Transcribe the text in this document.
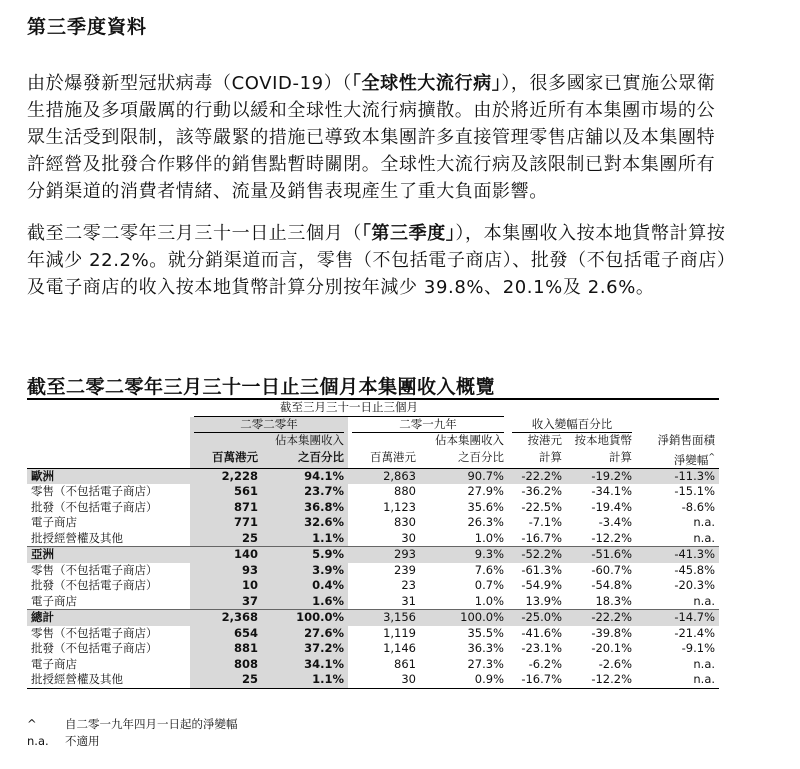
第三季度資料

由於爆發新型冠狀病毒（COVID-19）（「全球性大流行病」），很多國家已實施公眾衛生措施及多項嚴厲的行動以緩和全球性大流行病擴散。由於將近所有本集團市場的公眾生活受到限制，該等嚴緊的措施已導致本集團許多直接管理零售店舖以及本集團特許經營及批發合作夥伴的銷售點暫時關閉。全球性大流行病及該限制已對本集團所有分銷渠道的消費者情緒、流量及銷售表現產生了重大負面影響。

截至二零二零年三月三十一日止三個月（「第三季度」），本集團收入按本地貨幣計算按年減少 22.2%。就分銷渠道而言，零售（不包括電子商店）、批發（不包括電子商店）及電子商店的收入按本地貨幣計算分別按年減少 39.8%、20.1%及 2.6%。

截至二零二零年三月三十一日止三個月本集團收入概覽
	截至三月三十一日止三個月						
	二零二零年		二零一九年		收入變幅百分比		
		佔本集團收入		佔本集團收入	按港元	按本地貨幣	淨銷售面積
	百萬港元	之百分比	百萬港元	之百分比	計算	計算	淨變幅^
歐洲	2,228	94.1%	2,863	90.7%	-22.2%	-19.2%	-11.3%
零售（不包括電子商店）	561	23.7%	880	27.9%	-36.2%	-34.1%	-15.1%
批發（不包括電子商店）	871	36.8%	1,123	35.6%	-22.5%	-19.4%	-8.6%
電子商店	771	32.6%	830	26.3%	-7.1%	-3.4%	n.a.
批授經營權及其他	25	1.1%	30	1.0%	-16.7%	-12.2%	n.a.
亞洲	140	5.9%	293	9.3%	-52.2%	-51.6%	-41.3%
零售（不包括電子商店）	93	3.9%	239	7.6%	-61.3%	-60.7%	-45.8%
批發（不包括電子商店）	10	0.4%	23	0.7%	-54.9%	-54.8%	-20.3%
電子商店	37	1.6%	31	1.0%	13.9%	18.3%	n.a.
總計	2,368	100.0%	3,156	100.0%	-25.0%	-22.2%	-14.7%
零售（不包括電子商店）	654	27.6%	1,119	35.5%	-41.6%	-39.8%	-21.4%
批發（不包括電子商店）	881	37.2%	1,146	36.3%	-23.1%	-20.1%	-9.1%
電子商店	808	34.1%	861	27.3%	-6.2%	-2.6%	n.a.
批授經營權及其他	25	1.1%	30	0.9%	-16.7%	-12.2%	n.a.
^	自二零一九年四月一日起的淨變幅
n.a.	不適用
